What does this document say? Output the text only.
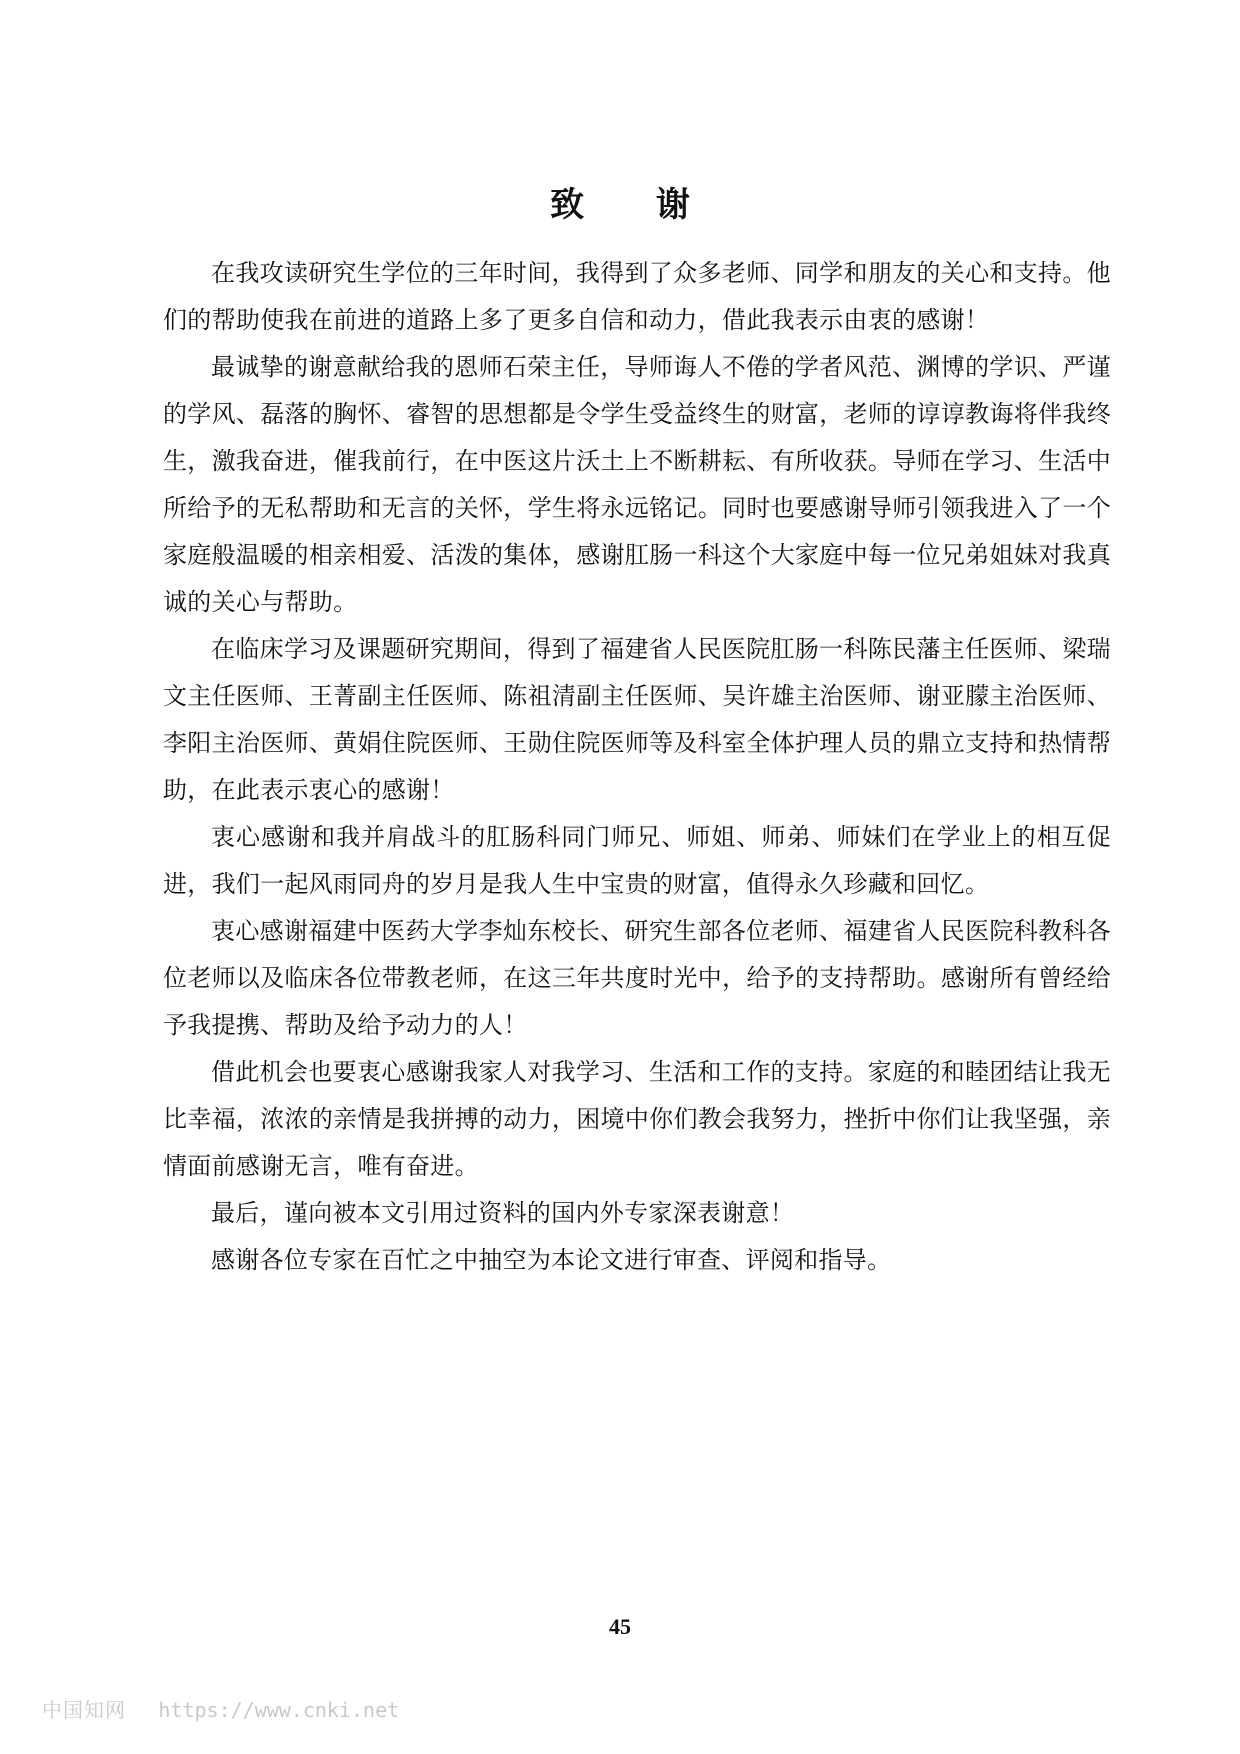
致 谢

在我攻读研究生学位的三年时间，我得到了众多老师、同学和朋友的关心和支持。他们的帮助使我在前进的道路上多了更多自信和动力，借此我表示由衷的感谢！

最诚挚的谢意献给我的恩师石荣主任，导师诲人不倦的学者风范、渊博的学识、严谨的学风、磊落的胸怀、睿智的思想都是令学生受益终生的财富，老师的谆谆教诲将伴我终生，激我奋进，催我前行，在中医这片沃土上不断耕耘、有所收获。导师在学习、生活中所给予的无私帮助和无言的关怀，学生将永远铭记。同时也要感谢导师引领我进入了一个家庭般温暖的相亲相爱、活泼的集体，感谢肛肠一科这个大家庭中每一位兄弟姐妹对我真诚的关心与帮助。

在临床学习及课题研究期间，得到了福建省人民医院肛肠一科陈民藩主任医师、梁瑞文主任医师、王菁副主任医师、陈祖清副主任医师、吴许雄主治医师、谢亚朦主治医师、李阳主治医师、黄娟住院医师、王勋住院医师等及科室全体护理人员的鼎立支持和热情帮助，在此表示衷心的感谢！

衷心感谢和我并肩战斗的肛肠科同门师兄、师姐、师弟、师妹们在学业上的相互促进，我们一起风雨同舟的岁月是我人生中宝贵的财富，值得永久珍藏和回忆。

衷心感谢福建中医药大学李灿东校长、研究生部各位老师、福建省人民医院科教科各位老师以及临床各位带教老师，在这三年共度时光中，给予的支持帮助。感谢所有曾经给予我提携、帮助及给予动力的人！

借此机会也要衷心感谢我家人对我学习、生活和工作的支持。家庭的和睦团结让我无比幸福，浓浓的亲情是我拼搏的动力，困境中你们教会我努力，挫折中你们让我坚强，亲情面前感谢无言，唯有奋进。

最后，谨向被本文引用过资料的国内外专家深表谢意！

感谢各位专家在百忙之中抽空为本论文进行审查、评阅和指导。

45
中国知网 https://www.cnki.net
